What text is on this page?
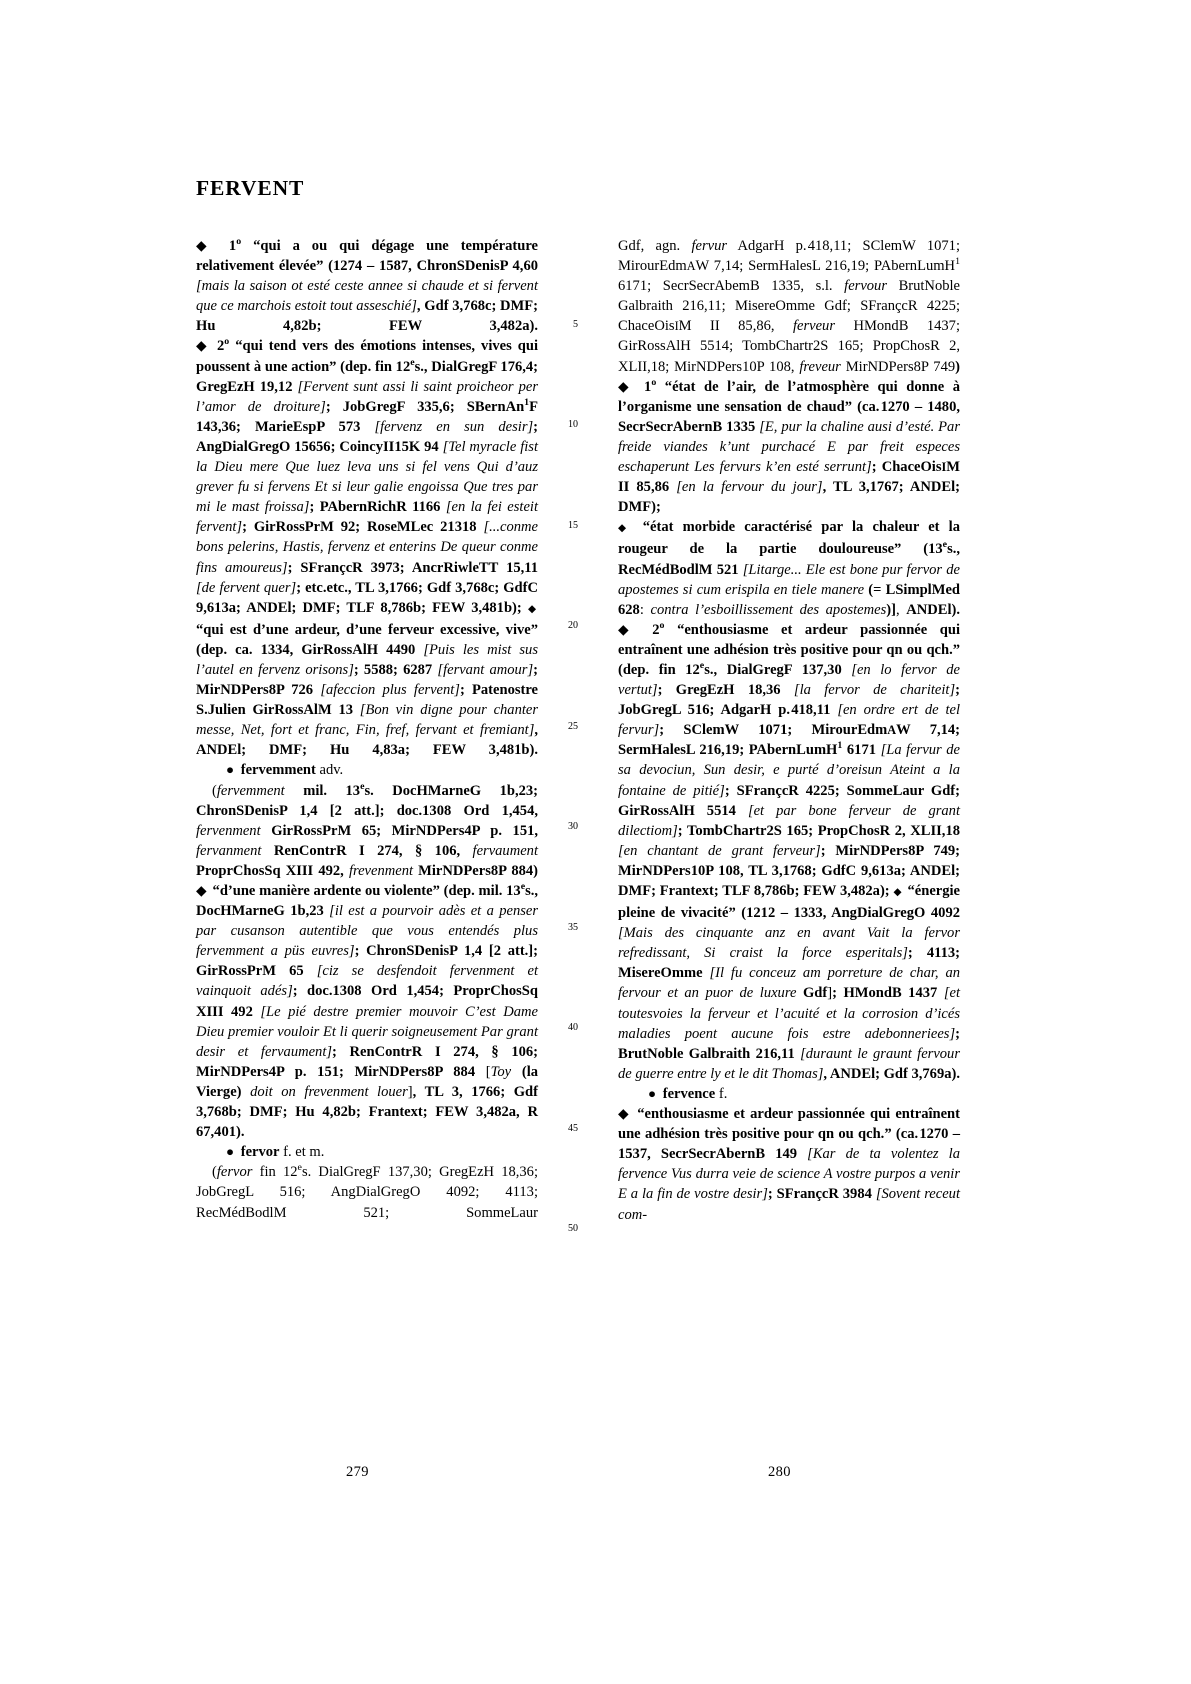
FERVENT
5
10
15
20
25
30
35
40
45
50

◆ 1$^o$ “qui a ou qui dégage une température relativement élevée” (1274 – 1587, ChronSDenisP 4,60 [mais la saison ot esté ceste annee si chaude et si fervent que ce marchois estoit tout asseschié], Gdf 3,768c; DMF; Hu 4,82b; FEW 3,482a).

◆ 2$^o$ “qui tend vers des émotions intenses, vives qui poussent à une action” (dep. fin 12es., DialGregF 176,4; GregEzH 19,12 [Fervent sunt assi li saint proicheor per l’amor de droiture]; JobGregF 335,6; SBernAn$^1$F 143,36; MarieEspP 573 [fervenz en sun desir]; AngDialGregO 15656; CoincyII15K 94 [Tel myracle fist la Dieu mere Que luez leva uns si fel vens Qui d’auz grever fu si fervens Et si leur galie engoissa Que tres par mi le mast froissa]; PAbernRichR 1166 [en la fei esteit fervent]; GirRossPrM 92; RoseMLec 21318 [...conme bons pelerins, Hastis, fervenz et enterins De queur conme fins amoureus]; SFrançcR 3973; AncrRiwleTT 15,11 [de fervent quer]; etc.etc., TL 3,1766; Gdf 3,768c; GdfC 9,613a; ANDEl; DMF; TLF 8,786b; FEW 3,481b); ◆ “qui est d’une ardeur, d’une ferveur excessive, vive” (dep. ca. 1334, GirRossAlH 4490 [Puis les mist sus l’autel en fervenz orisons]; 5588; 6287 [fervant amour]; MirNDPers8P 726 [afeccion plus fervent]; Patenostre S.Julien GirRossAlM 13 [Bon vin digne pour chanter messe, Net, fort et franc, Fin, fref, fervant et fremiant], ANDEl; DMF; Hu 4,83a; FEW 3,481b).

● fervemment adv.

(fervemment mil. 13es. DocHMarneG 1b,23; ChronSDenisP 1,4 [2 att.]; doc.1308 Ord 1,454, fervenment GirRossPrM 65; MirNDPers4P p. 151, fervanment RenContrR I 274, § 106, fervaument ProprChosSq XIII 492, frevenment MirNDPers8P 884)

◆ “d’une manière ardente ou violente” (dep. mil. 13es., DocHMarneG 1b,23 [il est a pourvoir adès et a penser par cusanson autentible que vous entendés plus fervemment a püs euvres]; ChronSDenisP 1,4 [2 att.]; GirRossPrM 65 [ciz se desfendoit fervenment et vainquoit adés]; doc.1308 Ord 1,454; ProprChosSq XIII 492 [Le pié destre premier mouvoir C’est Dame Dieu premier vouloir Et li querir soigneusement Par grant desir et fervaument]; RenContrR I 274, § 106; MirNDPers4P p. 151; MirNDPers8P 884 [Toy (la Vierge) doit on frevenment louer], TL 3, 1766; Gdf 3,768b; DMF; Hu 4,82b; Frantext; FEW 3,482a, R 67,401).

● fervor f. et m.

(fervor fin 12es. DialGregF 137,30; GregEzH 18,36; JobGregL 516; AngDialGregO 4092; 4113; RecMédBodlM 521; SommeLaur

Gdf, agn. fervur AdgarH p. 418,11; SClemW 1071; MirourEdmAW 7,14; SermHalesL 216,19; PAbernLumH$^1$ 6171; SecrSecrAbemB 1335, s.l. fervour BrutNoble Galbraith 216,11; MisereOmme Gdf; SFrançcR 4225; ChaceOisIM II 85,86, ferveur HMondB 1437; GirRossAlH 5514; TombChartr2S 165; PropChosR 2, XLII,18; MirNDPers10P 108, freveur MirNDPers8P 749)

◆ 1$^o$ “état de l’air, de l’atmosphère qui donne à l’organisme une sensation de chaud” (ca. 1270 – 1480, SecrSecrAbernB 1335 [E, pur la chaline ausi d’esté. Par freide viandes k’unt purchacé E par freit especes eschaperunt Les fervurs k’en esté serrunt]; ChaceOisIM II 85,86 [en la fervour du jour], TL 3,1767; ANDEl; DMF);

◆ “état morbide caractérisé par la chaleur et la rougeur de la partie douloureuse” (13es., RecMédBodlM 521 [Litarge... Ele est bone pur fervor de apostemes si cum erispila en tiele manere (= LSimplMed 628: contra l’esboillissement des apostemes)], ANDEl).

◆ 2$^o$ “enthousiasme et ardeur passionnée qui entraînent une adhésion très positive pour qn ou qch.” (dep. fin 12es., DialGregF 137,30 [en lo fervor de vertut]; GregEzH 18,36 [la fervor de chariteit]; JobGregL 516; AdgarH p. 418,11 [en ordre ert de tel fervur]; SClemW 1071; MirourEdmAW 7,14; SermHalesL 216,19; PAbernLumH$^1$ 6171 [La fervur de sa devociun, Sun desir, e purté d’oreisun Ateint a la fontaine de pitié]; SFrançcR 4225; SommeLaur Gdf; GirRossAlH 5514 [et par bone ferveur de grant dilectiom]; TombChartr2S 165; PropChosR 2, XLII,18 [en chantant de grant ferveur]; MirNDPers8P 749; MirNDPers10P 108, TL 3,1768; GdfC 9,613a; ANDEl; DMF; Frantext; TLF 8,786b; FEW 3,482a); ◆ “énergie pleine de vivacité” (1212 – 1333, AngDialGregO 4092 [Mais des cinquante anz en avant Vait la fervor refredissant, Si craist la force esperitals]; 4113; MisereOmme [Il fu conceuz am porreture de char, an fervour et an puor de luxure Gdf]; HMondB 1437 [et toutesvoies la ferveur et l’acuité et la corrosion d’icés maladies poent aucune fois estre adebonneriees]; BrutNoble Galbraith 216,11 [duraunt le graunt fervour de guerre entre ly et le dit Thomas], ANDEl; Gdf 3,769a).

● fervence f.

◆ “enthousiasme et ardeur passionnée qui entraînent une adhésion très positive pour qn ou qch.” (ca. 1270 – 1537, SecrSecrAbernB 149 [Kar de ta volentez la fervence Vus durra veie de science A vostre purpos a venir E a la fin de vostre desir]; SFrançcR 3984 [Sovent receut com-

279	280
